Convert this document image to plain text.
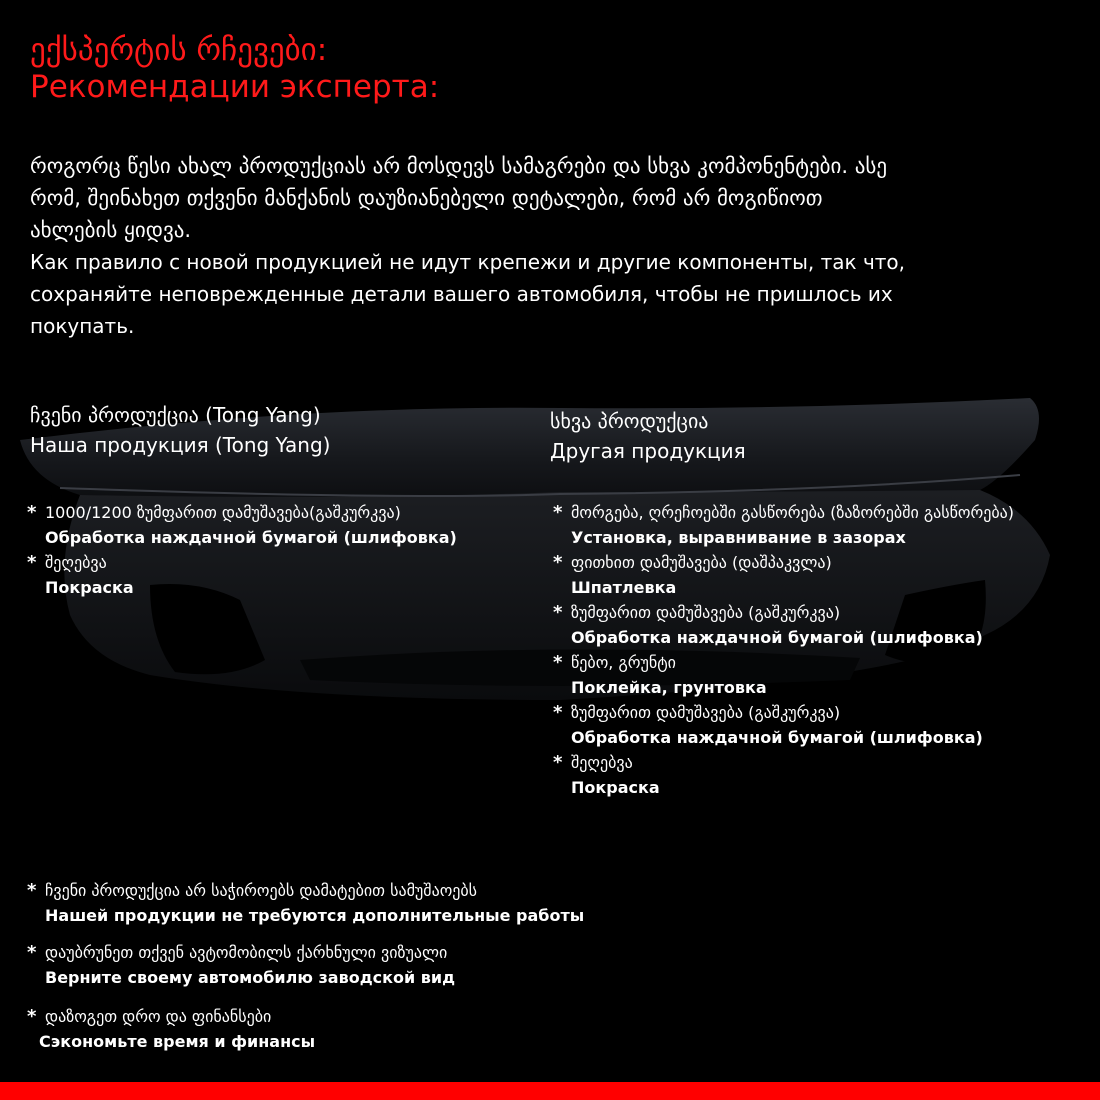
ექსპერტის რჩევები:
Рекомендации эксперта:
როგორც წესი ახალ პროდუქციას არ მოსდევს სამაგრები და სხვა კომპონენტები. ასე
რომ, შეინახეთ თქვენი მანქანის დაუზიანებელი დეტალები, რომ არ მოგიწიოთ
ახლების ყიდვა.
Как правило с новой продукцией не идут крепежи и другие компоненты, так что,
сохраняйте неповрежденные детали вашего автомобиля, чтобы не пришлось их
покупать.
ჩვენი პროდუქცია (Tong Yang)
Наша продукция (Tong Yang)
* 1000/1200 ზუმფარით დამუშავება(გაშკურკვა)
Обработка наждачной бумагой (шлифовка)
* შეღებვა
Покраска
სხვა პროდუქცია
Другая продукция
* მორგება, ღრეჩოებში გასწორება (ზაზორებში გასწორება)
Установка, выравнивание в зазорах
* ფითხით დამუშავება (დაშპაკვლა)
Шпатлевка
* ზუმფარით დამუშავება (გაშკურკვა)
Обработка наждачной бумагой (шлифовка)
* წებო, გრუნტი
Поклейка, грунтовка
* ზუმფარით დამუშავება (გაშკურკვა)
Обработка наждачной бумагой (шлифовка)
* შეღებვა
Покраска
* ჩვენი პროდუქცია არ საჭიროებს დამატებით სამუშაოებს
Нашей продукции не требуются дополнительные работы
* დაუბრუნეთ თქვენ ავტომობილს ქარხნული ვიზუალი
Верните своему автомобилю заводской вид
* დაზოგეთ დრო და ფინანსები
Сэкономьте время и финансы
